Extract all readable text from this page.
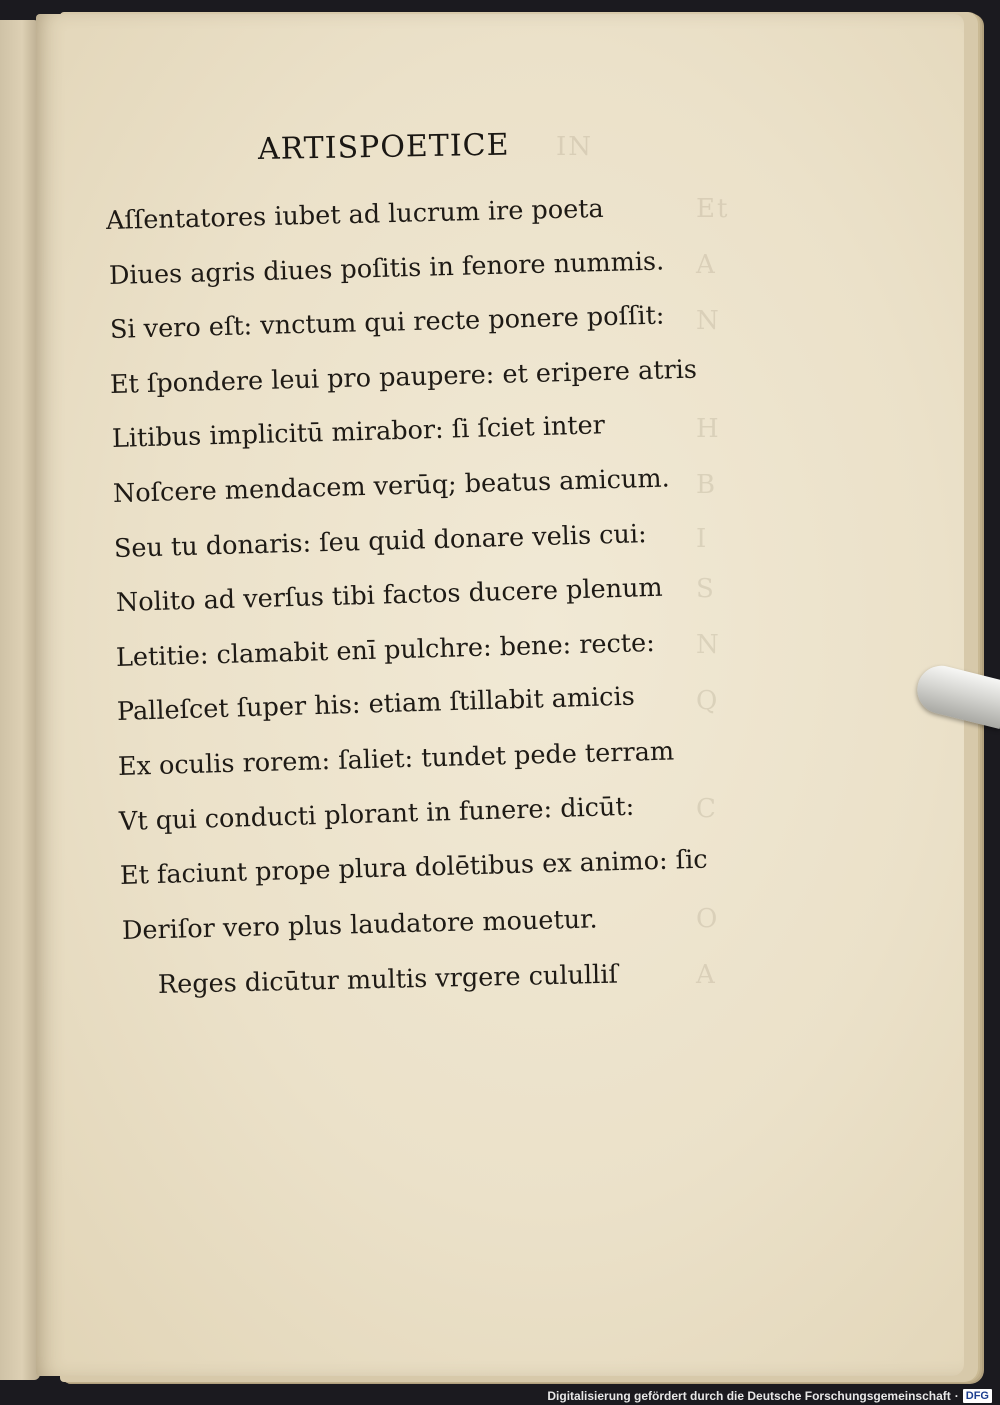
IN
Et
A
N
H
B
I
S
N
Q
C
O
A
ARTISPOETICE
Aſſentatores iubet ad lucrum ire poeta
Diues agris diues poſitis in fenore nummis.
Si vero eſt: vnctum qui recte ponere poſſit:
Et ſpondere leui pro paupere: et eripere atris
Litibus implicitū mirabor: ſi ſciet inter
Noſcere mendacem verūq; beatus amicum.
Seu tu donaris: ſeu quid donare velis cui:
Nolito ad verſus tibi factos ducere plenum
Letitie: clamabit enī pulchre: bene: recte:
Palleſcet ſuper his: etiam ſtillabit amicis
Ex oculis rorem: ſaliet: tundet pede terram
Vt qui conducti plorant in funere: dicūt:
Et faciunt prope plura dolētibus ex animo: ſic
Deriſor vero plus laudatore mouetur.
Reges dicūtur multis vrgere cululliſ
Digitalisierung gefördert durch die Deutsche Forschungsgemeinschaft · DFG
